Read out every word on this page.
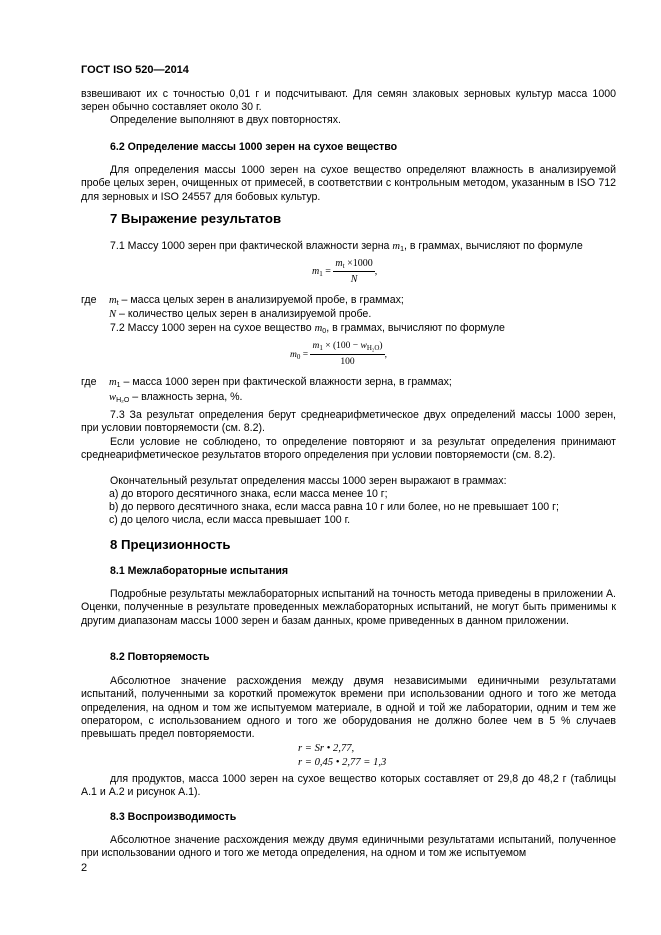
ГОСТ ISO 520—2014
взвешивают их с точностью 0,01 г и подсчитывают. Для семян злаковых зерновых культур масса 1000 зерен обычно составляет около 30 г.
Определение выполняют в двух повторностях.
6.2 Определение массы 1000 зерен на сухое вещество
Для определения массы 1000 зерен на сухое вещество определяют влажность в анализируемой пробе целых зерен, очищенных от примесей, в соответствии с контрольным методом, указанным в ISO 712 для зерновых и ISO 24557 для бобовых культур.
7 Выражение результатов
7.1 Массу 1000 зерен при фактической влажности зерна $m_1$, в граммах, вычисляют по формуле
$m_1 = \frac{m_t \times 1000}{N}$ ,
где $m_t$ – масса целых зерен в анализируемой пробе, в граммах;
N – количество целых зерен в анализируемой пробе.
7.2 Массу 1000 зерен на сухое вещество $m_0$, в граммах, вычисляют по формуле
$m_0 = \frac{m_1 \times (100 - w_{H_2O})}{100}$ ,
где $m_1$ – масса 1000 зерен при фактической влажности зерна, в граммах;
$w_{H_2O}$ – влажность зерна, %.
7.3 За результат определения берут среднеарифметическое двух определений массы 1000 зерен, при условии повторяемости (см. 8.2).
Если условие не соблюдено, то определение повторяют и за результат определения принимают среднеарифметическое результатов второго определения при условии повторяемости (см. 8.2).
Окончательный результат определения массы 1000 зерен выражают в граммах:
a) до второго десятичного знака, если масса менее 10 г;
b) до первого десятичного знака, если масса равна 10 г или более, но не превышает 100 г;
c) до целого числа, если масса превышает 100 г.
8 Прецизионность
8.1 Межлабораторные испытания
Подробные результаты межлабораторных испытаний на точность метода приведены в приложении А. Оценки, полученные в результате проведенных межлабораторных испытаний, не могут быть применимы к другим диапазонам массы 1000 зерен и базам данных, кроме приведенных в данном приложении.
8.2 Повторяемость
Абсолютное значение расхождения между двумя независимыми единичными результатами испытаний, полученными за короткий промежуток времени при использовании одного и того же метода определения, на одном и том же испытуемом материале, в одной и той же лаборатории, одним и тем же оператором, с использованием одного и того же оборудования не должно более чем в 5 % случаев превышать предел повторяемости.
r = Sr • 2,77,
r = 0,45 • 2,77 = 1,3
для продуктов, масса 1000 зерен на сухое вещество которых составляет от 29,8 до 48,2 г (таблицы А.1 и А.2 и рисунок А.1).
8.3 Воспроизводимость
Абсолютное значение расхождения между двумя единичными результатами испытаний, полученное при использовании одного и того же метода определения, на одном и том же испытуемом
2
